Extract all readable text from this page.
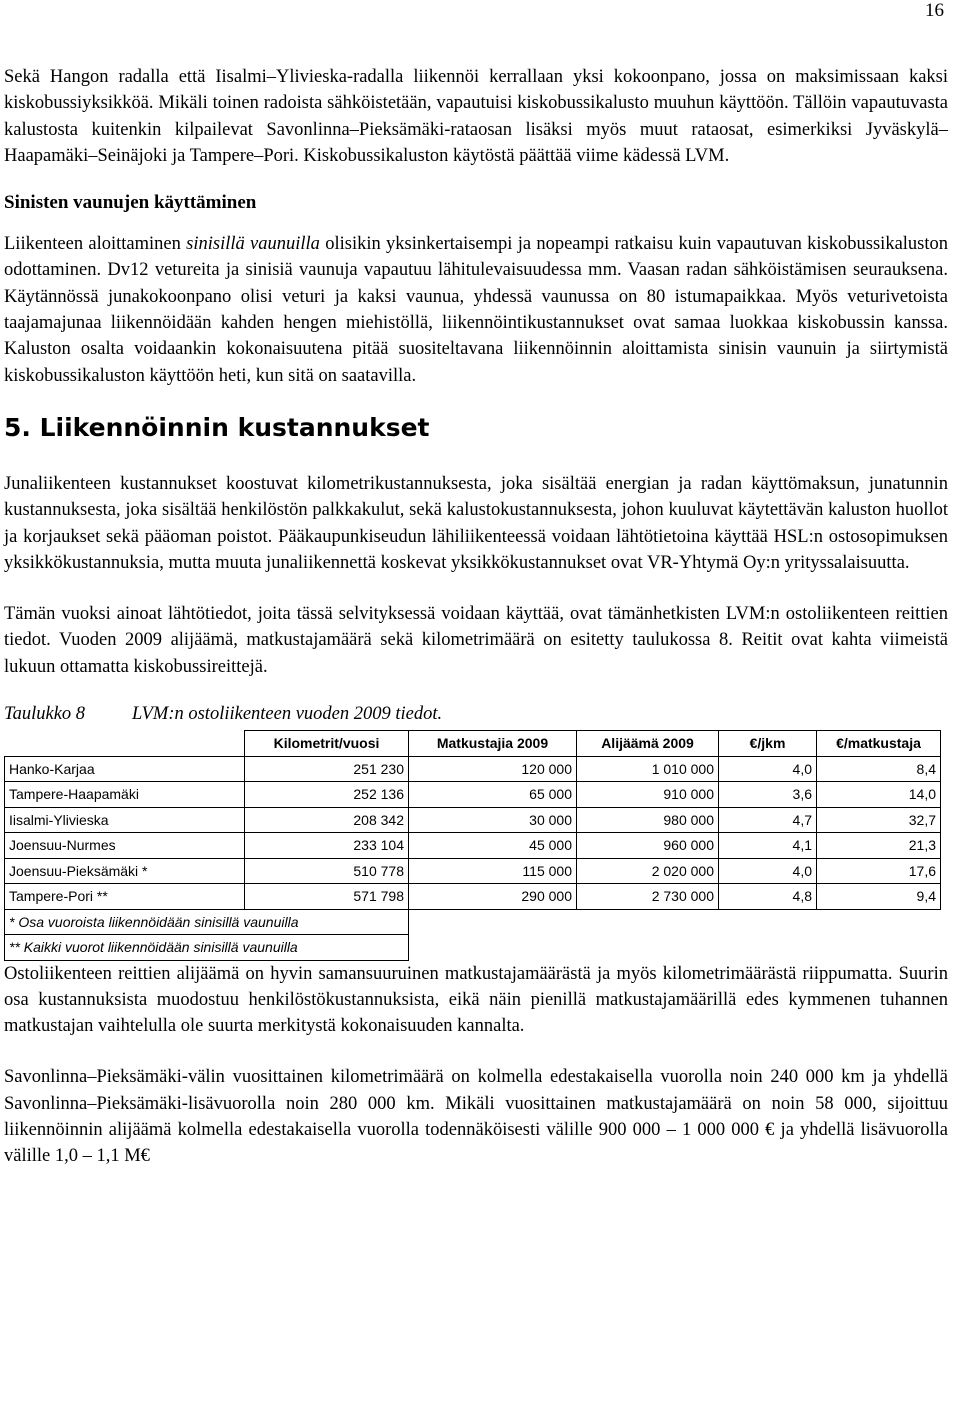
16

Sekä Hangon radalla että Iisalmi–Ylivieska-radalla liikennöi kerrallaan yksi kokoonpano, jossa on maksimissaan kaksi kiskobussiyksikköä. Mikäli toinen radoista sähköistetään, vapautuisi kiskobussikalusto muuhun käyttöön. Tällöin vapautuvasta kalustosta kuitenkin kilpailevat Savonlinna–Pieksämäki-rataosan lisäksi myös muut rataosat, esimerkiksi Jyväskylä–Haapamäki–Seinäjoki ja Tampere–Pori. Kiskobussikaluston käytöstä päättää viime kädessä LVM.

Sinisten vaunujen käyttäminen

Liikenteen aloittaminen sinisillä vaunuilla olisikin yksinkertaisempi ja nopeampi ratkaisu kuin vapautuvan kiskobussikaluston odottaminen. Dv12 vetureita ja sinisiä vaunuja vapautuu lähitulevaisuudessa mm. Vaasan radan sähköistämisen seurauksena. Käytännössä junakokoonpano olisi veturi ja kaksi vaunua, yhdessä vaunussa on 80 istumapaikkaa. Myös veturivetoista taajamajunaa liikennöidään kahden hengen miehistöllä, liikennöintikustannukset ovat samaa luokkaa kiskobussin kanssa. Kaluston osalta voidaankin kokonaisuutena pitää suositeltavana liikennöinnin aloittamista sinisin vaunuin ja siirtymistä kiskobussikaluston käyttöön heti, kun sitä on saatavilla.

5. Liikennöinnin kustannukset

Junaliikenteen kustannukset koostuvat kilometrikustannuksesta, joka sisältää energian ja radan käyttömaksun, junatunnin kustannuksesta, joka sisältää henkilöstön palkkakulut, sekä kalustokustannuksesta, johon kuuluvat käytettävän kaluston huollot ja korjaukset sekä pääoman poistot. Pääkaupunkiseudun lähiliikenteessä voidaan lähtötietoina käyttää HSL:n ostosopimuksen yksikkökustannuksia, mutta muuta junaliikennettä koskevat yksikkökustannukset ovat VR-Yhtymä Oy:n yrityssalaisuutta.

Tämän vuoksi ainoat lähtötiedot, joita tässä selvityksessä voidaan käyttää, ovat tämänhetkisten LVM:n ostoliikenteen reittien tiedot. Vuoden 2009 alijäämä, matkustajamäärä sekä kilometrimäärä on esitetty taulukossa 8. Reitit ovat kahta viimeistä lukuun ottamatta kiskobussireittejä.

Taulukko 8	LVM:n ostoliikenteen vuoden 2009 tiedot.
	Kilometrit/vuosi	Matkustajia 2009	Alijäämä 2009	€/jkm	€/matkustaja
Hanko-Karjaa	251 230	120 000	1 010 000	4,0	8,4
Tampere-Haapamäki	252 136	65 000	910 000	3,6	14,0
Iisalmi-Ylivieska	208 342	30 000	980 000	4,7	32,7
Joensuu-Nurmes	233 104	45 000	960 000	4,1	21,3
Joensuu-Pieksämäki *	510 778	115 000	2 020 000	4,0	17,6
Tampere-Pori **	571 798	290 000	2 730 000	4,8	9,4
* Osa vuoroista liikennöidään sinisillä vaunuilla					
** Kaikki vuorot liikennöidään sinisillä vaunuilla					

Ostoliikenteen reittien alijäämä on hyvin samansuuruinen matkustajamäärästä ja myös kilometrimäärästä riippumatta. Suurin osa kustannuksista muodostuu henkilöstökustannuksista, eikä näin pienillä matkustajamäärillä edes kymmenen tuhannen matkustajan vaihtelulla ole suurta merkitystä kokonaisuuden kannalta.

Savonlinna–Pieksämäki-välin vuosittainen kilometrimäärä on kolmella edestakaisella vuorolla noin 240 000 km ja yhdellä Savonlinna–Pieksämäki-lisävuorolla noin 280 000 km. Mikäli vuosittainen matkustajamäärä on noin 58 000, sijoittuu liikennöinnin alijäämä kolmella edestakaisella vuorolla todennäköisesti välille 900 000 – 1 000 000 € ja yhdellä lisävuorolla välille 1,0 – 1,1 M€
